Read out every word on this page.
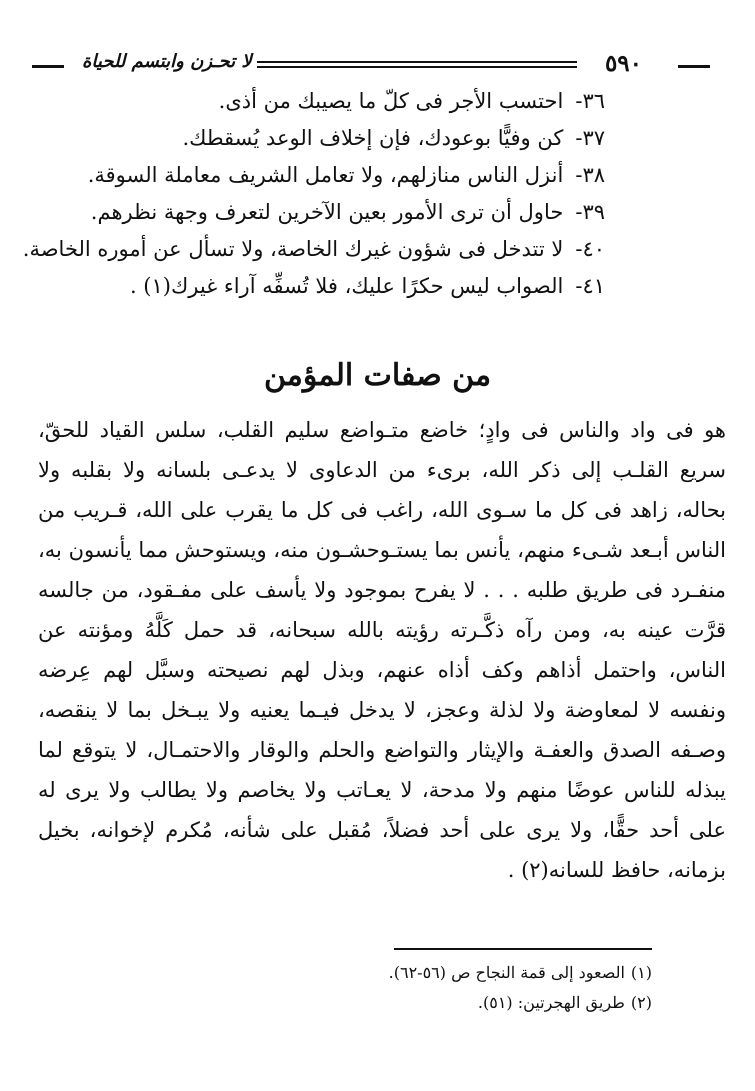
٥٩٠
لا تحـزن وابتسم للحياة
٣٦-احتسب الأجر فى كلّ ما يصيبك من أذى.
٣٧-كن وفيًّا بوعودك، فإن إخلاف الوعد يُسقطك.
٣٨-أنزل الناس منازلهم، ولا تعامل الشريف معاملة السوقة.
٣٩-حاول أن ترى الأمور بعين الآخرين لتعرف وجهة نظرهم.
٤٠-لا تتدخل فى شؤون غيرك الخاصة، ولا تسأل عن أموره الخاصة.
٤١-الصواب ليس حكرًا عليك، فلا تُسفِّه آراء غيرك(١) .
من صفات المؤمن
هو فى واد والناس فى وادٍ؛ خاضع متـواضع سليم القلب، سلس القياد للحقّ، سريع القلـب إلى ذكر الله، برىء من الدعاوى لا يدعـى بلسانه ولا بقلبه ولا بحاله، زاهد فى كل ما سـوى الله، راغب فى كل ما يقرب على الله، قـريب من الناس أبـعد شـىء منهم، يأنس بما يستـوحشـون منه، ويستوحش مما يأنسون به، منفـرد فى طريق طلبه . . . لا يفرح بموجود ولا يأسف على مفـقود، من جالسه قرَّت عينه به، ومن رآه ذكَّـرته رؤيته بالله سبحانه، قد حمل كَلَّهُ ومؤنته عن الناس، واحتمل أذاهم وكف أذاه عنهم، وبذل لهم نصيحته وسبَّل لهم عِرضه ونفسه لا لمعاوضة ولا لذلة وعجز، لا يدخل فيـما يعنيه ولا يبـخل بما لا ينقصه، وصـفه الصدق والعفـة والإيثار والتواضع والحلم والوقار والاحتمـال، لا يتوقع لما يبذله للناس عوضًا منهم ولا مدحة، لا يعـاتب ولا يخاصم ولا يطالب ولا يرى له على أحد حقًّا، ولا يرى على أحد فضلاً، مُقبل على شأنه، مُكرم لإخوانه، بخيل بزمانه، حافظ للسانه(٢) .
(١)الصعود إلى قمة النجاح ص (٥٦-٦٢).
(٢)طريق الهجرتين: (٥١).
